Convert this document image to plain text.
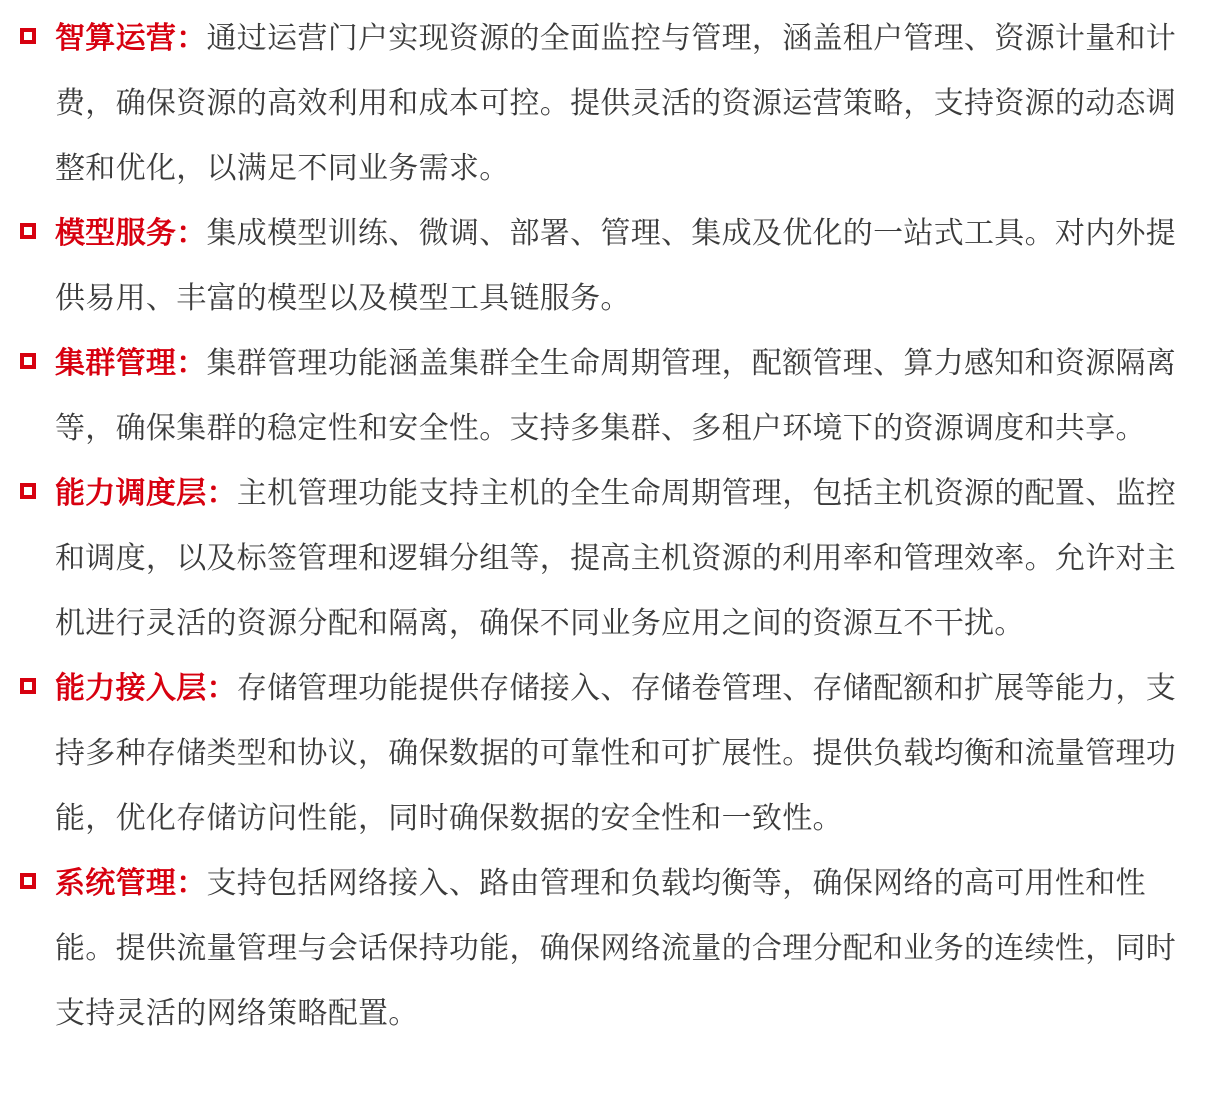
智算运营：通过运营门户实现资源的全面监控与管理，涵盖租户管理、资源计量和计费，确保资源的高效利用和成本可控。提供灵活的资源运营策略，支持资源的动态调整和优化，以满足不同业务需求。
模型服务：集成模型训练、微调、部署、管理、集成及优化的一站式工具。对内外提供易用、丰富的模型以及模型工具链服务。
集群管理：集群管理功能涵盖集群全生命周期管理，配额管理、算力感知和资源隔离等，确保集群的稳定性和安全性。支持多集群、多租户环境下的资源调度和共享。
能力调度层：主机管理功能支持主机的全生命周期管理，包括主机资源的配置、监控和调度，以及标签管理和逻辑分组等，提高主机资源的利用率和管理效率。允许对主机进行灵活的资源分配和隔离，确保不同业务应用之间的资源互不干扰。
能力接入层：存储管理功能提供存储接入、存储卷管理、存储配额和扩展等能力，支持多种存储类型和协议，确保数据的可靠性和可扩展性。提供负载均衡和流量管理功能，优化存储访问性能，同时确保数据的安全性和一致性。
系统管理：支持包括网络接入、路由管理和负载均衡等，确保网络的高可用性和性能。提供流量管理与会话保持功能，确保网络流量的合理分配和业务的连续性，同时支持灵活的网络策略配置。
